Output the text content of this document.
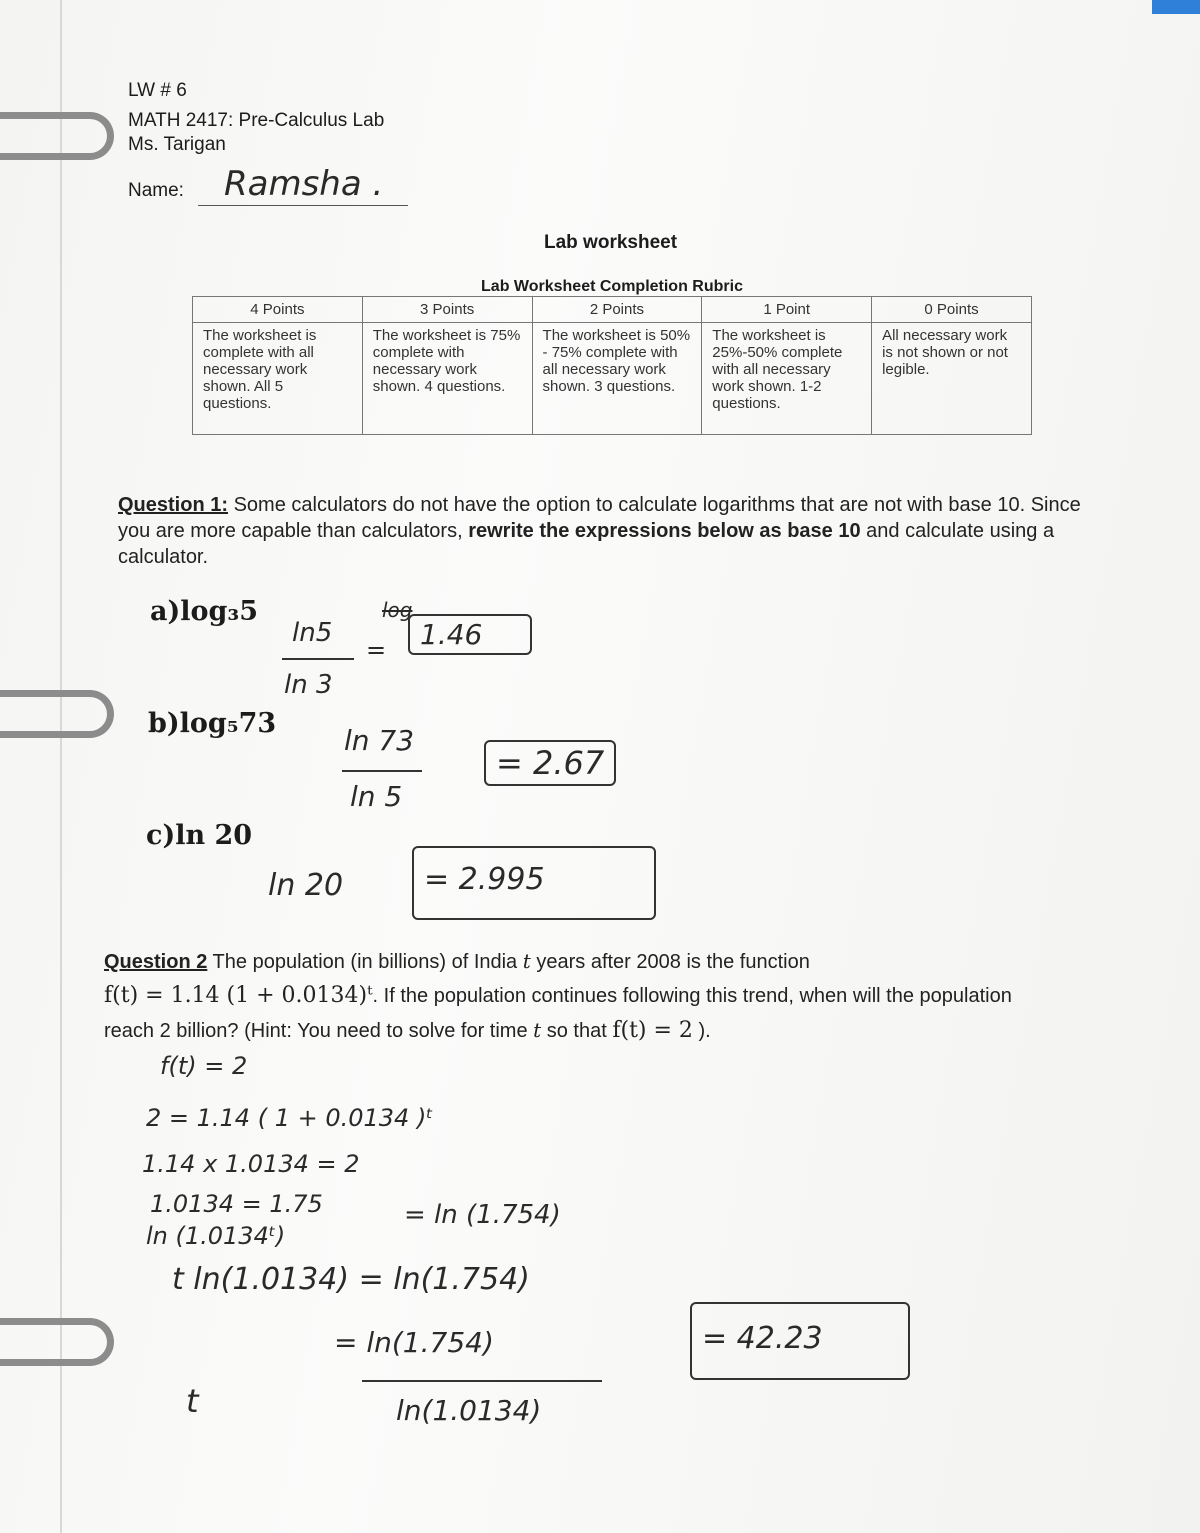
LW # 6
MATH 2417: Pre-Calculus Lab
Ms. Tarigan
Name: Ramsha .
Lab worksheet
Lab Worksheet Completion Rubric
4 Points	3 Points	2 Points	1 Point	0 Points
The worksheet is complete with all necessary work shown. All 5 questions.	The worksheet is 75% complete with necessary work shown. 4 questions.	The worksheet is 50% - 75% complete with all necessary work shown. 3 questions.	The worksheet is 25%-50% complete with all necessary work shown. 1-2 questions.	All necessary work is not shown or not legible.
Question 1: Some calculators do not have the option to calculate logarithms that are not with base 10. Since you are more capable than calculators, rewrite the expressions below as base 10 and calculate using a calculator.
a)log₃5
ln5
ln 3
=
log
1.46
b)log₅73
ln 73
ln 5
= 2.67
c)ln 20
ln 20	= 2.995
Question 2 The population (in billions) of India t years after 2008 is the function
f(t) = 1.14 (1 + 0.0134)ᵗ. If the population continues following this trend, when will the population reach 2 billion? (Hint: You need to solve for time t so that f(t) = 2 ).
f(t) = 2
2 = 1.14 ( 1 + 0.0134 )ᵗ
1.14 x 1.0134 = 2
1.0134 = 1.75
ln (1.0134ᵗ)
= ln (1.754)
t ln(1.0134) = ln(1.754)
= ln(1.754)
t	ln(1.0134)
= 42.23
